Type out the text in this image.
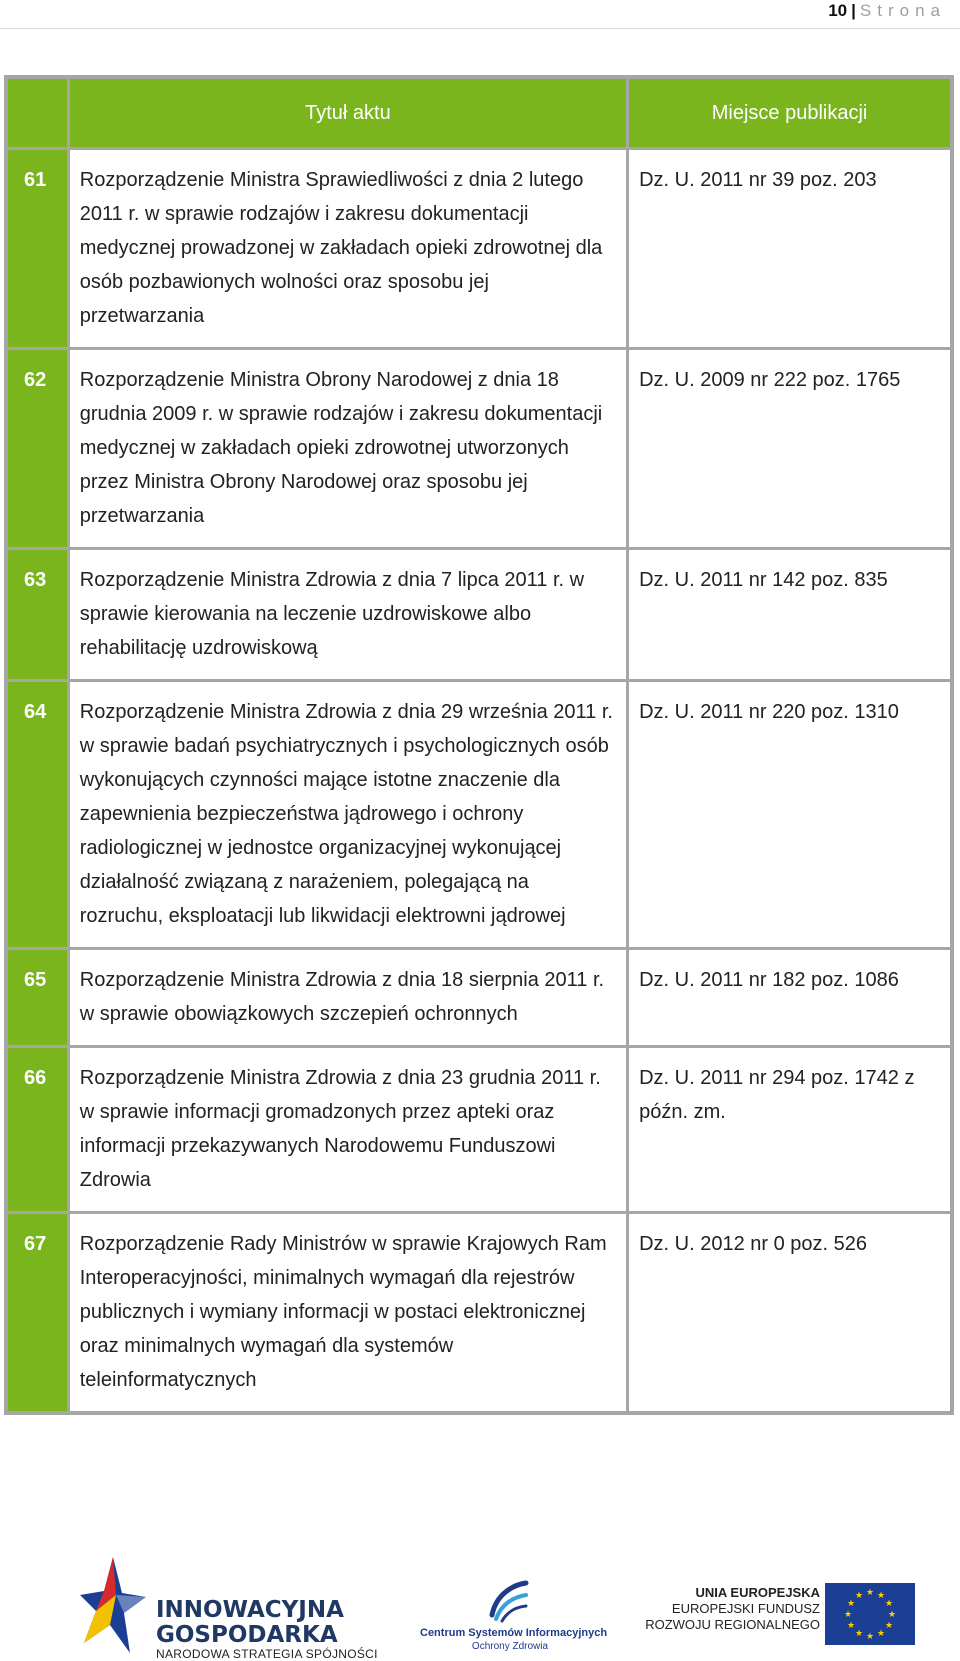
10 | Strona
	Tytuł aktu	Miejsce publikacji
61	Rozporządzenie Ministra Sprawiedliwości z dnia 2 lutego 2011 r. w sprawie rodzajów i zakresu dokumentacji medycznej prowadzonej w zakładach opieki zdrowotnej dla osób pozbawionych wolności oraz sposobu jej przetwarzania	Dz. U. 2011 nr 39 poz. 203
62	Rozporządzenie Ministra Obrony Narodowej z dnia 18 grudnia 2009 r. w sprawie rodzajów i zakresu dokumentacji medycznej w zakładach opieki zdrowotnej utworzonych przez Ministra Obrony Narodowej oraz sposobu jej przetwarzania	Dz. U. 2009 nr 222 poz. 1765
63	Rozporządzenie Ministra Zdrowia z dnia 7 lipca 2011 r. w sprawie kierowania na leczenie uzdrowiskowe albo rehabilitację uzdrowiskową	Dz. U. 2011 nr 142 poz. 835
64	Rozporządzenie Ministra Zdrowia z dnia 29 września 2011 r. w sprawie badań psychiatrycznych i psychologicznych osób wykonujących czynności mające istotne znaczenie dla zapewnienia bezpieczeństwa jądrowego i ochrony radiologicznej w jednostce organizacyjnej wykonującej działalność związaną z narażeniem, polegającą na rozruchu, eksploatacji lub likwidacji elektrowni jądrowej	Dz. U. 2011 nr 220 poz. 1310
65	Rozporządzenie Ministra Zdrowia z dnia 18 sierpnia 2011 r. w sprawie obowiązkowych szczepień ochronnych	Dz. U. 2011 nr 182 poz. 1086
66	Rozporządzenie Ministra Zdrowia z dnia 23 grudnia 2011 r. w sprawie informacji gromadzonych przez apteki oraz informacji przekazywanych Narodowemu Funduszowi Zdrowia	Dz. U. 2011 nr 294 poz. 1742 z późn. zm.
67	Rozporządzenie Rady Ministrów w sprawie Krajowych Ram Interoperacyjności, minimalnych wymagań dla rejestrów publicznych i wymiany informacji w postaci elektronicznej oraz minimalnych wymagań dla systemów teleinformatycznych	Dz. U. 2012 nr 0 poz. 526
INNOWACYJNA
GOSPODARKA
NARODOWA STRATEGIA SPÓJNOŚCI
Centrum Systemów Informacyjnych
Ochrony Zdrowia
UNIA EUROPEJSKA
EUROPEJSKI FUNDUSZ
ROZWOJU REGIONALNEGO
★ ★
★
★
★
★
★
★
★
★
★
★
